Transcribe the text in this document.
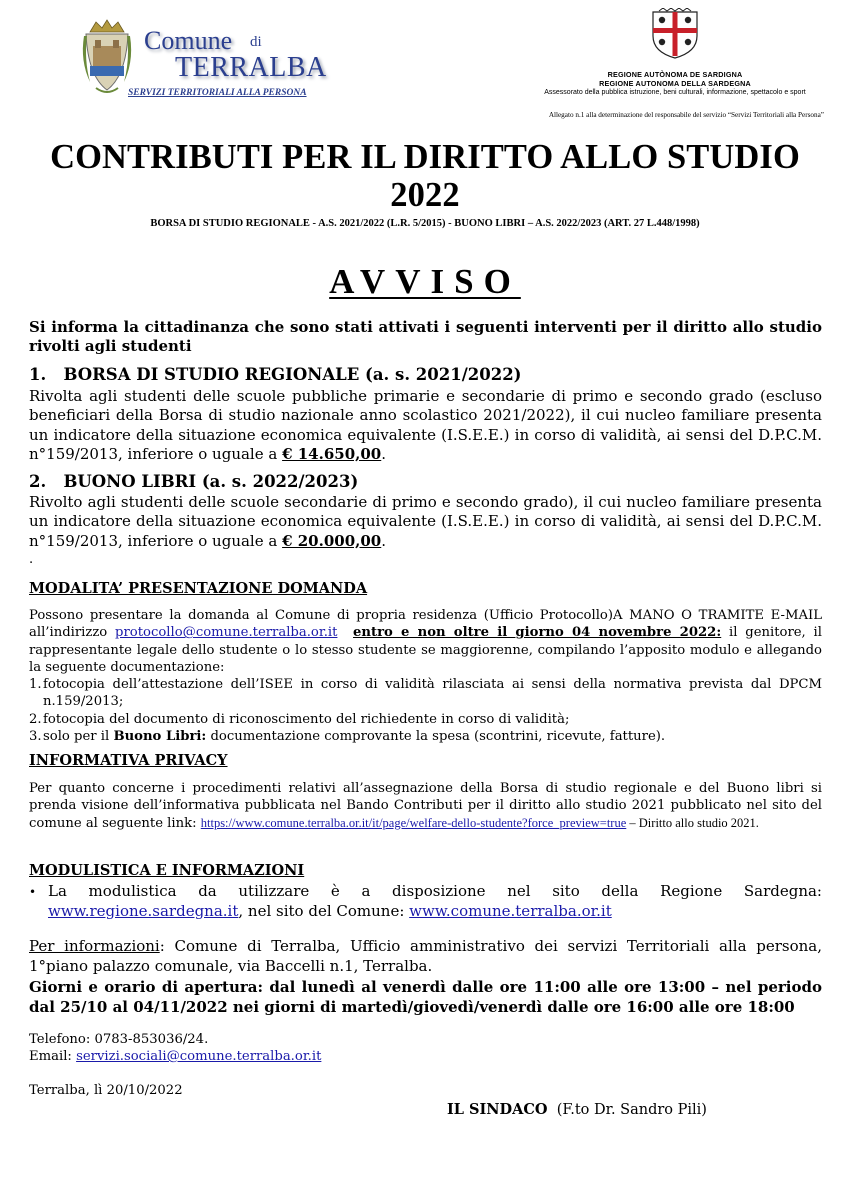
Comune di
TERRALBA
SERVIZI TERRITORIALI ALLA PERSONA
REGIONE AUTÒNOMA DE SARDIGNA
REGIONE AUTONOMA DELLA SARDEGNA
Assessorato della pubblica istruzione, beni culturali, informazione, spettacolo e sport
Allegato n.1 alla determinazione del responsabile del servizio “Servizi Territoriali alla Persona”
CONTRIBUTI PER IL DIRITTO ALLO STUDIO
2022
BORSA DI STUDIO REGIONALE - A.S. 2021/2022 (L.R. 5/2015) - BUONO LIBRI – A.S. 2022/2023 (ART. 27 L.448/1998)
AVVISO
Si informa la cittadinanza che sono stati attivati i seguenti interventi per il diritto allo studio rivolti agli studenti
1. BORSA DI STUDIO REGIONALE (a. s. 2021/2022)
Rivolta agli studenti delle scuole pubbliche primarie e secondarie di primo e secondo grado (escluso beneficiari della Borsa di studio nazionale anno scolastico 2021/2022), il cui nucleo familiare presenta un indicatore della situazione economica equivalente (I.S.E.E.) in corso di validità, ai sensi del D.P.C.M. n°159/2013, inferiore o uguale a € 14.650,00.
2. BUONO LIBRI (a. s. 2022/2023)
Rivolto agli studenti delle scuole secondarie di primo e secondo grado), il cui nucleo familiare presenta un indicatore della situazione economica equivalente (I.S.E.E.) in corso di validità, ai sensi del D.P.C.M. n°159/2013, inferiore o uguale a € 20.000,00.
.
MODALITA’ PRESENTAZIONE DOMANDA
Possono presentare la domanda al Comune di propria residenza (Ufficio Protocollo)A MANO O TRAMITE E-MAIL all’indirizzo protocollo@comune.terralba.or.it entro e non oltre il giorno 04 novembre 2022: il genitore, il rappresentante legale dello studente o lo stesso studente se maggiorenne, compilando l’apposito modulo e allegando la seguente documentazione:
1. fotocopia dell’attestazione dell’ISEE in corso di validità rilasciata ai sensi della normativa prevista dal DPCM n.159/2013;
2. fotocopia del documento di riconoscimento del richiedente in corso di validità;
3. solo per il Buono Libri: documentazione comprovante la spesa (scontrini, ricevute, fatture).
INFORMATIVA PRIVACY
Per quanto concerne i procedimenti relativi all’assegnazione della Borsa di studio regionale e del Buono libri si prenda visione dell’informativa pubblicata nel Bando Contributi per il diritto allo studio 2021 pubblicato nel sito del comune al seguente link: https://www.comune.terralba.or.it/it/page/welfare-dello-studente?force_preview=true – Diritto allo studio 2021.
MODULISTICA E INFORMAZIONI
• La modulistica da utilizzare è a disposizione nel sito della Regione Sardegna: www.regione.sardegna.it, nel sito del Comune: www.comune.terralba.or.it
Per informazioni: Comune di Terralba, Ufficio amministrativo dei servizi Territoriali alla persona, 1°piano palazzo comunale, via Baccelli n.1, Terralba.
Giorni e orario di apertura: dal lunedì al venerdì dalle ore 11:00 alle ore 13:00 – nel periodo dal 25/10 al 04/11/2022 nei giorni di martedì/giovedì/venerdì dalle ore 16:00 alle ore 18:00
Telefono: 0783-853036/24.
Email: servizi.sociali@comune.terralba.or.it
Terralba, lì 20/10/2022
IL SINDACO (F.to Dr. Sandro Pili)
